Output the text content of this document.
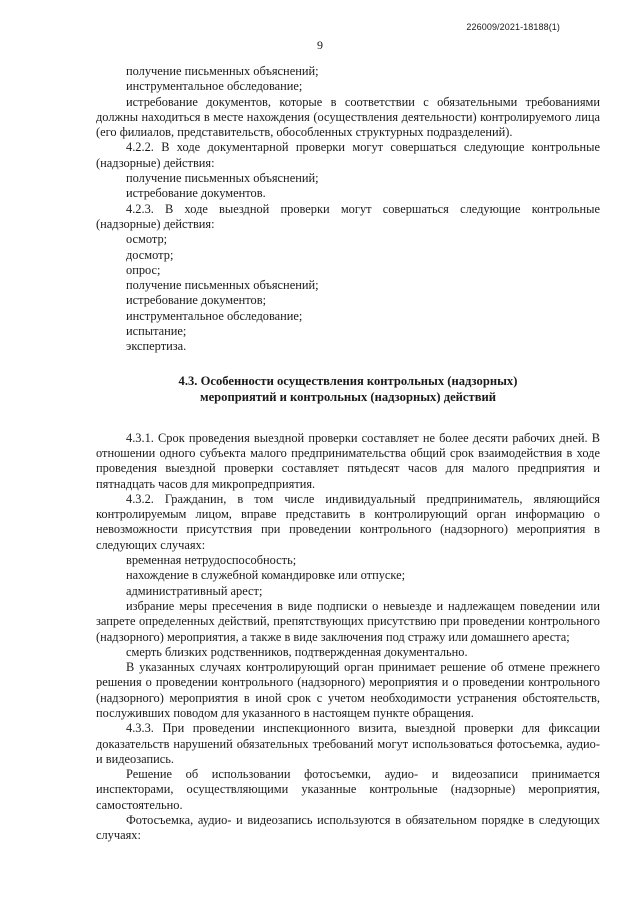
226009/2021-18188(1)
9

получение письменных объяснений;

инструментальное обследование;

истребование документов, которые в соответствии с обязательными требованиями должны находиться в месте нахождения (осуществления деятельности) контролируемого лица (его филиалов, представительств, обособленных структурных подразделений).

4.2.2. В ходе документарной проверки могут совершаться следующие контрольные (надзорные) действия:

получение письменных объяснений;

истребование документов.

4.2.3. В ходе выездной проверки могут совершаться следующие контрольные (надзорные) действия:

осмотр;

досмотр;

опрос;

получение письменных объяснений;

истребование документов;

инструментальное обследование;

испытание;

экспертиза.

4.3. Особенности осуществления контрольных (надзорных)
мероприятий и контрольных (надзорных) действий

4.3.1. Срок проведения выездной проверки составляет не более десяти рабочих дней. В отношении одного субъекта малого предпринимательства общий срок взаимодействия в ходе проведения выездной проверки составляет пятьдесят часов для малого предприятия и пятнадцать часов для микропредприятия.

4.3.2. Гражданин, в том числе индивидуальный предприниматель, являющийся контролируемым лицом, вправе представить в контролирующий орган информацию о невозможности присутствия при проведении контрольного (надзорного) мероприятия в следующих случаях:

временная нетрудоспособность;

нахождение в служебной командировке или отпуске;

административный арест;

избрание меры пресечения в виде подписки о невыезде и надлежащем поведении или запрете определенных действий, препятствующих присутствию при проведении контрольного (надзорного) мероприятия, а также в виде заключения под стражу или домашнего ареста;

смерть близких родственников, подтвержденная документально.

В указанных случаях контролирующий орган принимает решение об отмене прежнего решения о проведении контрольного (надзорного) мероприятия и о проведении контрольного (надзорного) мероприятия в иной срок с учетом необходимости устранения обстоятельств, послуживших поводом для указанного в настоящем пункте обращения.

4.3.3. При проведении инспекционного визита, выездной проверки для фиксации доказательств нарушений обязательных требований могут использоваться фотосъемка, аудио- и видеозапись.

Решение об использовании фотосъемки, аудио- и видеозаписи принимается инспекторами, осуществляющими указанные контрольные (надзорные) мероприятия, самостоятельно.

Фотосъемка, аудио- и видеозапись используются в обязательном порядке в следующих случаях:
